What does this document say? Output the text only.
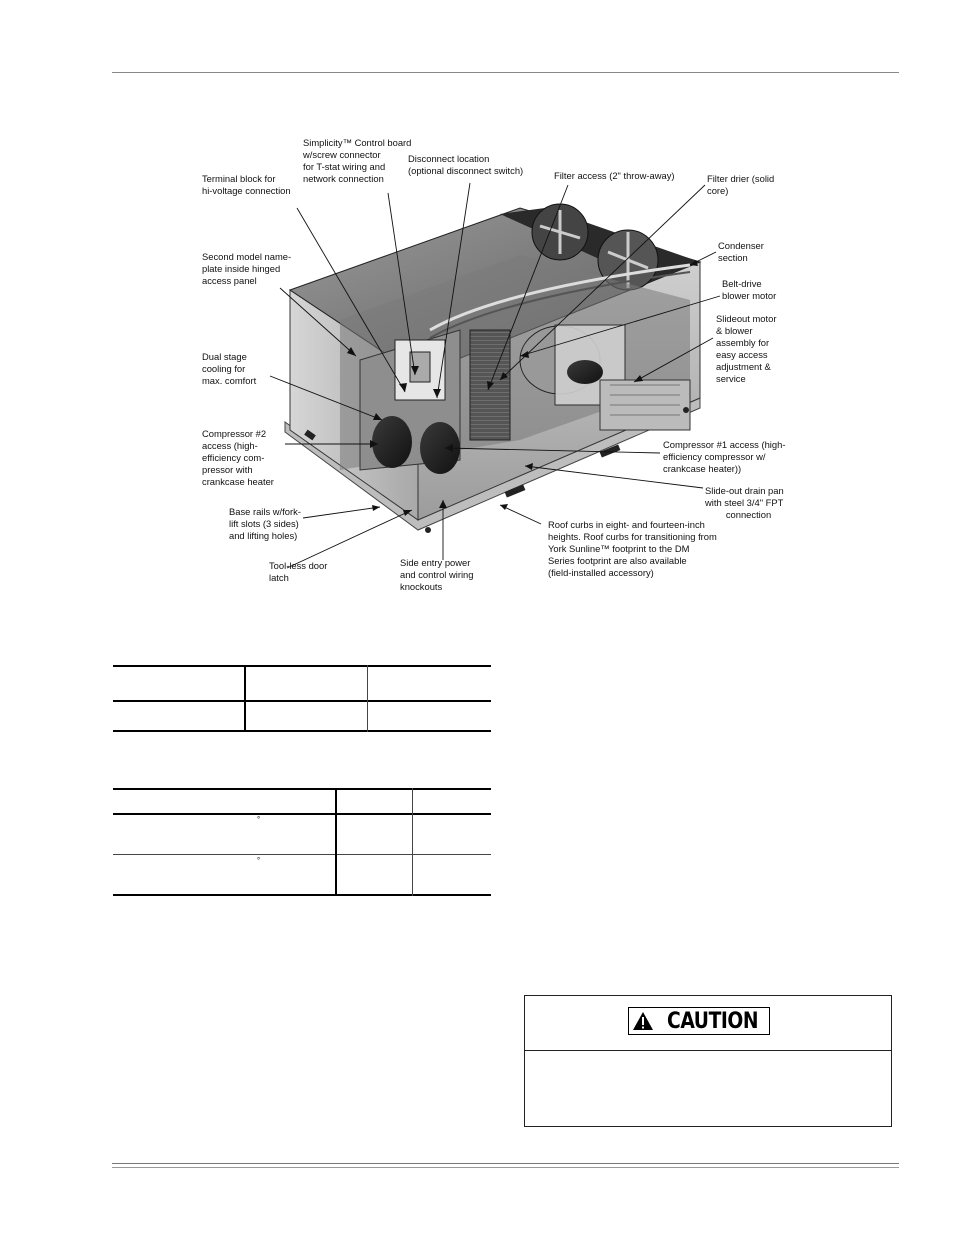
Simplicity™ Control board
w/screw connector
for T-stat wiring and
network connection
Disconnect location
(optional disconnect switch)
Terminal block for
hi-voltage connection
Filter access (2" throw-away)	Filter drier (solid
core)
Condenser
section
Second model name-
plate inside hinged
access panel	Belt-drive
blower motor
Slideout motor
& blower
assembly for
easy access
adjustment &
service
Dual stage
cooling for
max. comfort
Compressor #2
access (high-
efficiency com-
pressor with
crankcase heater
Compressor #1 access (high-
efficiency compressor w/
crankcase heater))
Slide-out drain pan
with steel 3/4" FPT
connection
Base rails w/fork-
lift slots (3 sides)
and lifting holes)
Roof curbs in eight- and fourteen-inch
heights. Roof curbs for transitioning from
York Sunline™ footprint to the DM
Series footprint are also available
(field-installed accessory)
Tool-less door
latch
Side entry power
and control wiring
knockouts
°
°
CAUTION
